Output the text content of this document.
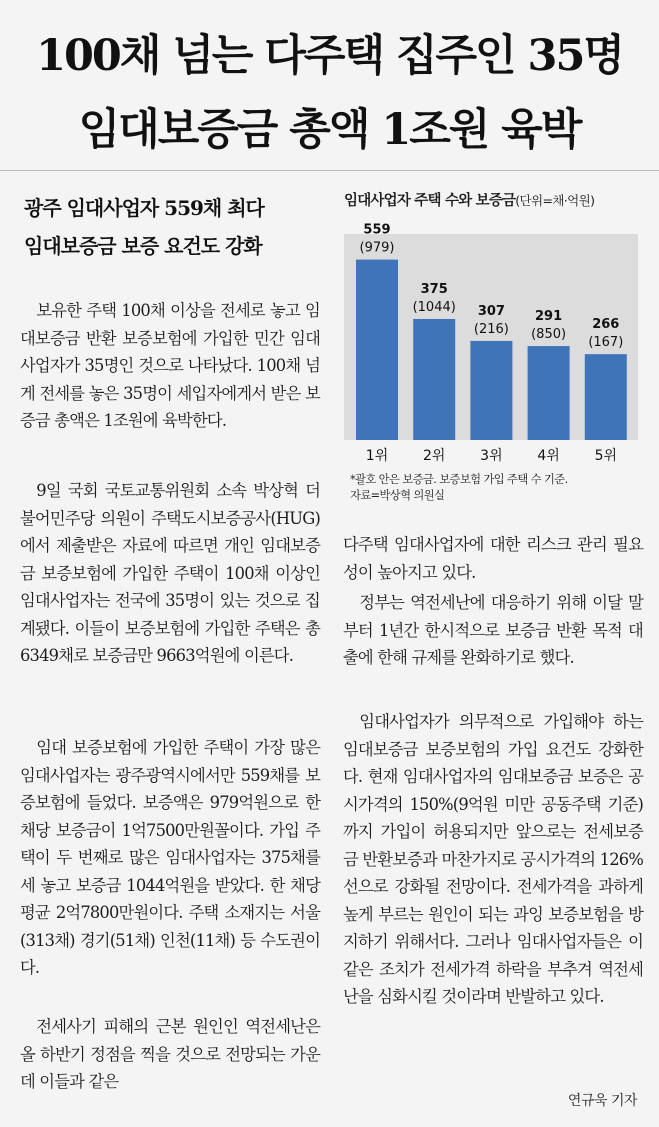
100채 넘는 다주택 집주인 35명
임대보증금 총액 1조원 육박
광주 임대사업자 559채 최다
임대보증금 보증 요건도 강화

보유한 주택 100채 이상을 전세로 놓고 임대보증금 반환 보증보험에 가입한 민간 임대사업자가 35명인 것으로 나타났다. 100채 넘게 전세를 놓은 35명이 세입자에게서 받은 보증금 총액은 1조원에 육박한다.

9일 국회 국토교통위원회 소속 박상혁 더불어민주당 의원이 주택도시보증공사(HUG)에서 제출받은 자료에 따르면 개인 임대보증금 보증보험에 가입한 주택이 100채 이상인 임대사업자는 전국에 35명이 있는 것으로 집계됐다. 이들이 보증보험에 가입한 주택은 총 6349채로 보증금만 9663억원에 이른다.

임대 보증보험에 가입한 주택이 가장 많은 임대사업자는 광주광역시에서만 559채를 보증보험에 들었다. 보증액은 979억원으로 한 채당 보증금이 1억7500만원꼴이다. 가입 주택이 두 번째로 많은 임대사업자는 375채를 세 놓고 보증금 1044억원을 받았다. 한 채당 평균 2억7800만원이다. 주택 소재지는 서울(313채) 경기(51채) 인천(11채) 등 수도권이다.

전세사기 피해의 근본 원인인 역전세난은 올 하반기 정점을 찍을 것으로 전망되는 가운데 이들과 같은

임대사업자 주택 수와 보증금(단위=채·억원)
559
(979)
1위
375
(1044)
2위
307
(216)
3위
291
(850)
4위
266
(167)
5위
*괄호 안은 보증금. 보증보험 가입 주택 수 기준.
자료=박상혁 의원실

다주택 임대사업자에 대한 리스크 관리 필요성이 높아지고 있다.

정부는 역전세난에 대응하기 위해 이달 말부터 1년간 한시적으로 보증금 반환 목적 대출에 한해 규제를 완화하기로 했다.

임대사업자가 의무적으로 가입해야 하는 임대보증금 보증보험의 가입 요건도 강화한다. 현재 임대사업자의 임대보증금 보증은 공시가격의 150%(9억원 미만 공동주택 기준)까지 가입이 허용되지만 앞으로는 전세보증금 반환보증과 마찬가지로 공시가격의 126% 선으로 강화될 전망이다. 전세가격을 과하게 높게 부르는 원인이 되는 과잉 보증보험을 방지하기 위해서다. 그러나 임대사업자들은 이 같은 조치가 전세가격 하락을 부추겨 역전세난을 심화시킬 것이라며 반발하고 있다.

연규욱 기자
